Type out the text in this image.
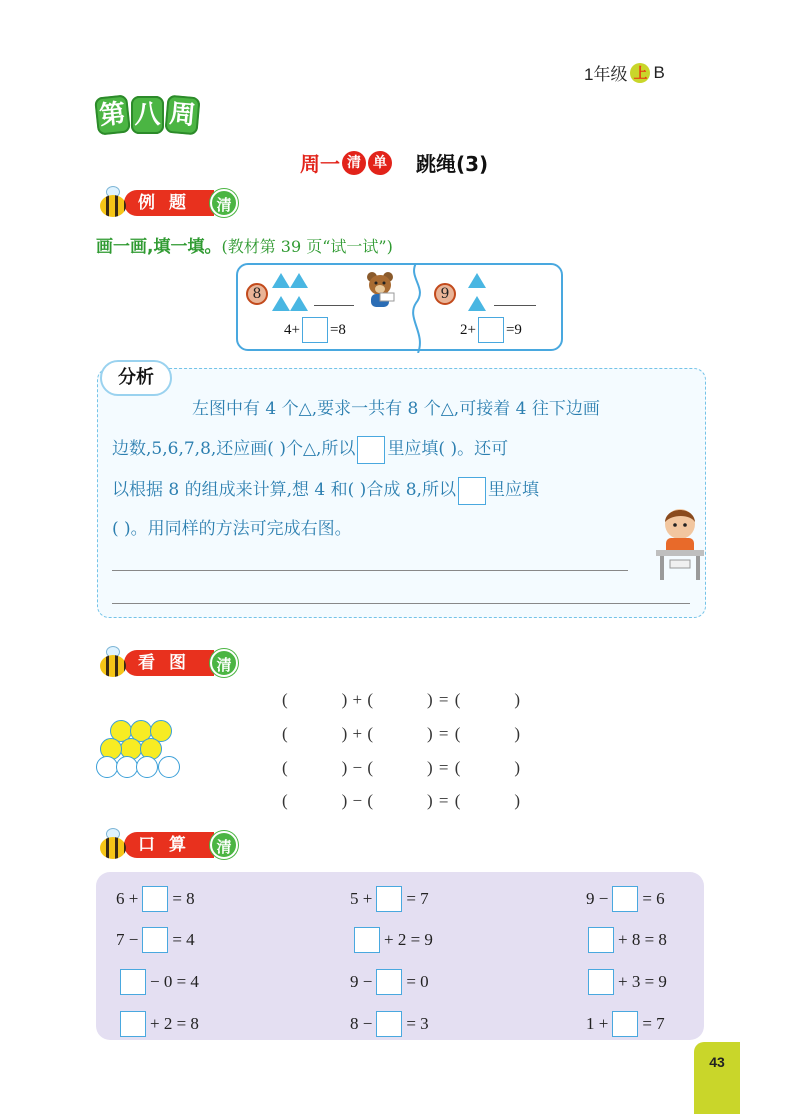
1年级 上 B
第 八 周
周一 清 单 跳绳(3)
例题	清
画一画,填一填。(教材第 39 页“试一试”)
8

4+ =8
9

2+ =9
分析
左图中有 4 个△,要求一共有 8 个△,可接着 4 往下边画
边数,5,6,7,8,还应画( )个△,所以 里应填( )。还可
以根据 8 的组成来计算,想 4 和( )合成 8,所以 里应填
( )。用同样的方法可完成右图。
看图	清
(	) + (	) = (	)
(	) + (	) = (	)
(	) − (	) = (	)
(	) − (	) = (	)
口算	清
6 + = 8	5 + = 7	9 − = 6
7 − = 4	+ 2 = 9	+ 8 = 8
− 0 = 4	9 − = 0	+ 3 = 9
+ 2 = 8	8 − = 3	1 + = 7
43
